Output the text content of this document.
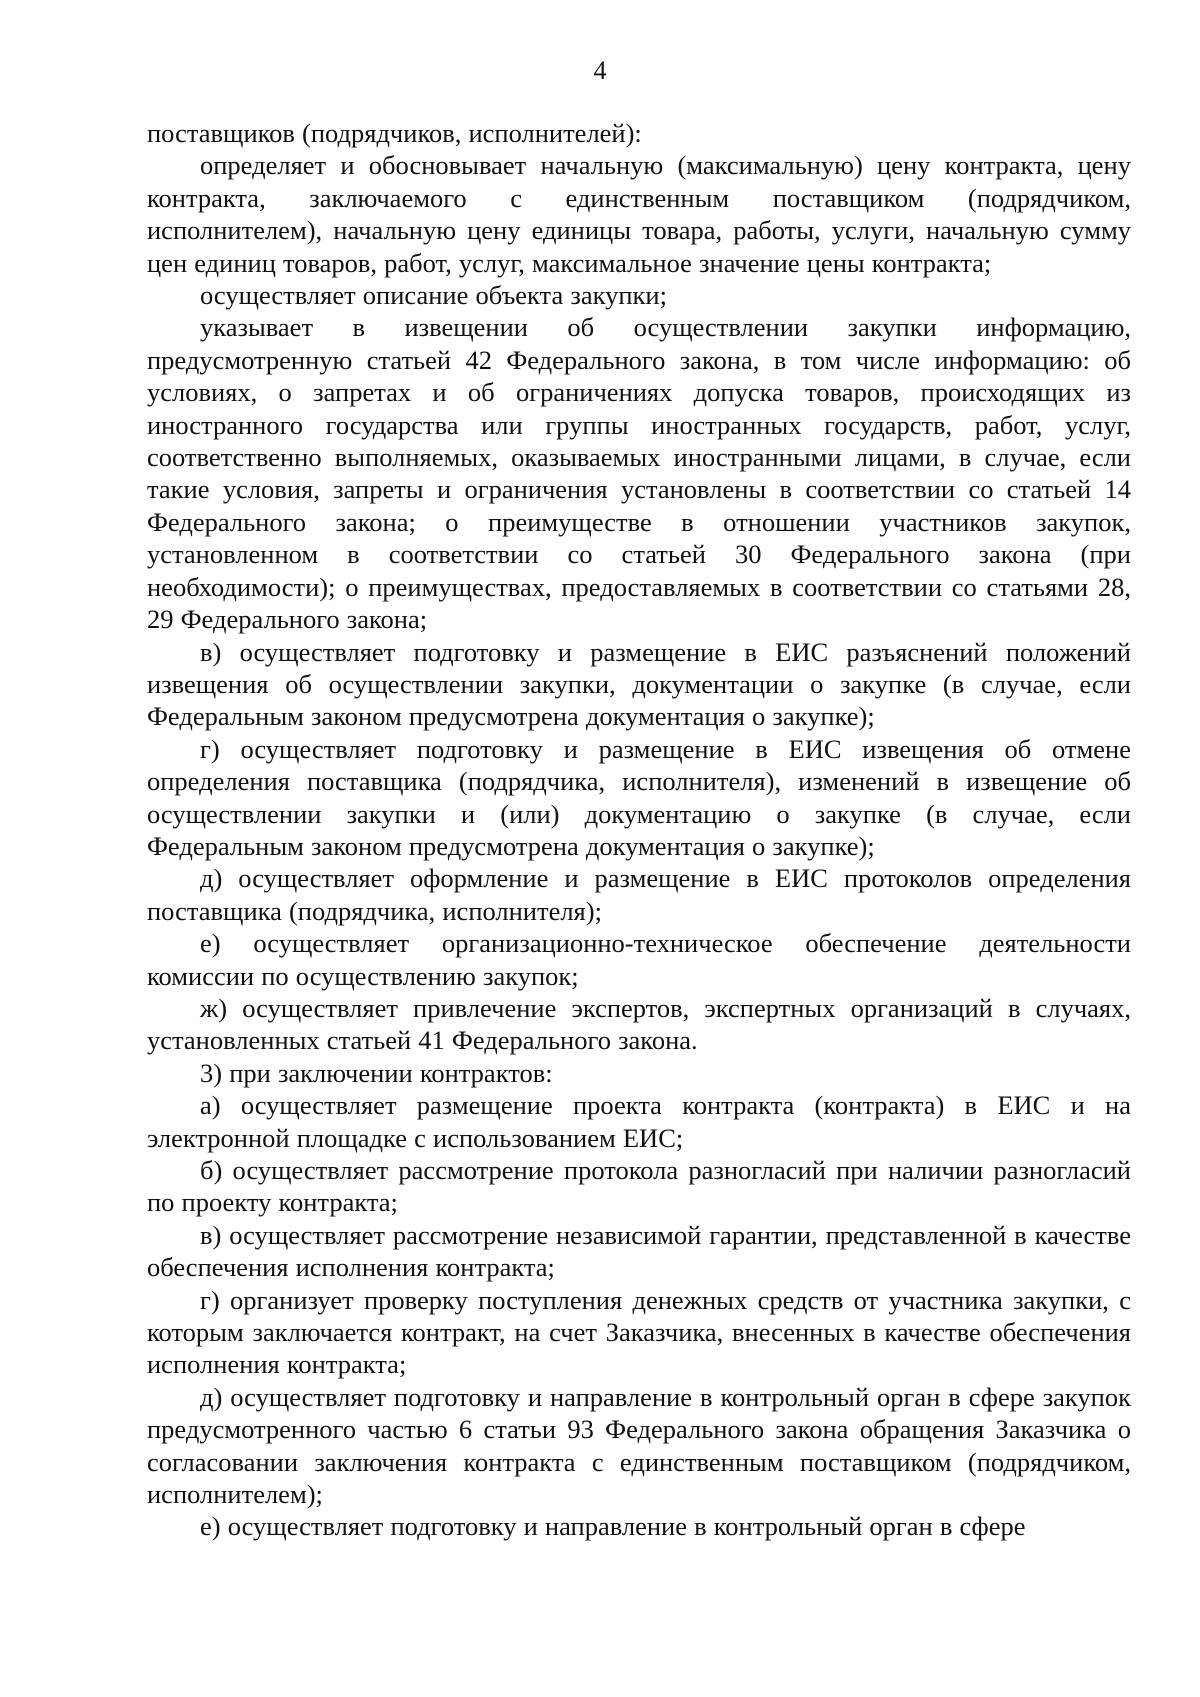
4

поставщиков (подрядчиков, исполнителей):

определяет и обосновывает начальную (максимальную) цену контракта, цену контракта, заключаемого с единственным поставщиком (подрядчиком, исполнителем), начальную цену единицы товара, работы, услуги, начальную сумму цен единиц товаров, работ, услуг, максимальное значение цены контракта;

осуществляет описание объекта закупки;

указывает в извещении об осуществлении закупки информацию, предусмотренную статьей 42 Федерального закона, в том числе информацию: об условиях, о запретах и об ограничениях допуска товаров, происходящих из иностранного государства или группы иностранных государств, работ, услуг, соответственно выполняемых, оказываемых иностранными лицами, в случае, если такие условия, запреты и ограничения установлены в соответствии со статьей 14 Федерального закона; о преимуществе в отношении участников закупок, установленном в соответствии со статьей 30 Федерального закона (при необходимости); о преимуществах, предоставляемых в соответствии со статьями 28, 29 Федерального закона;

в) осуществляет подготовку и размещение в ЕИС разъяснений положений извещения об осуществлении закупки, документации о закупке (в случае, если Федеральным законом предусмотрена документация о закупке);

г) осуществляет подготовку и размещение в ЕИС извещения об отмене определения поставщика (подрядчика, исполнителя), изменений в извещение об осуществлении закупки и (или) документацию о закупке (в случае, если Федеральным законом предусмотрена документация о закупке);

д) осуществляет оформление и размещение в ЕИС протоколов определения поставщика (подрядчика, исполнителя);

е) осуществляет организационно-техническое обеспечение деятельности комиссии по осуществлению закупок;

ж) осуществляет привлечение экспертов, экспертных организаций в случаях, установленных статьей 41 Федерального закона.

3) при заключении контрактов:

а) осуществляет размещение проекта контракта (контракта) в ЕИС и на электронной площадке с использованием ЕИС;

б) осуществляет рассмотрение протокола разногласий при наличии разногласий по проекту контракта;

в) осуществляет рассмотрение независимой гарантии, представленной в качестве обеспечения исполнения контракта;

г) организует проверку поступления денежных средств от участника закупки, с которым заключается контракт, на счет Заказчика, внесенных в качестве обеспечения исполнения контракта;

д) осуществляет подготовку и направление в контрольный орган в сфере закупок предусмотренного частью 6 статьи 93 Федерального закона обращения Заказчика о согласовании заключения контракта с единственным поставщиком (подрядчиком, исполнителем);

е) осуществляет подготовку и направление в контрольный орган в сфере
